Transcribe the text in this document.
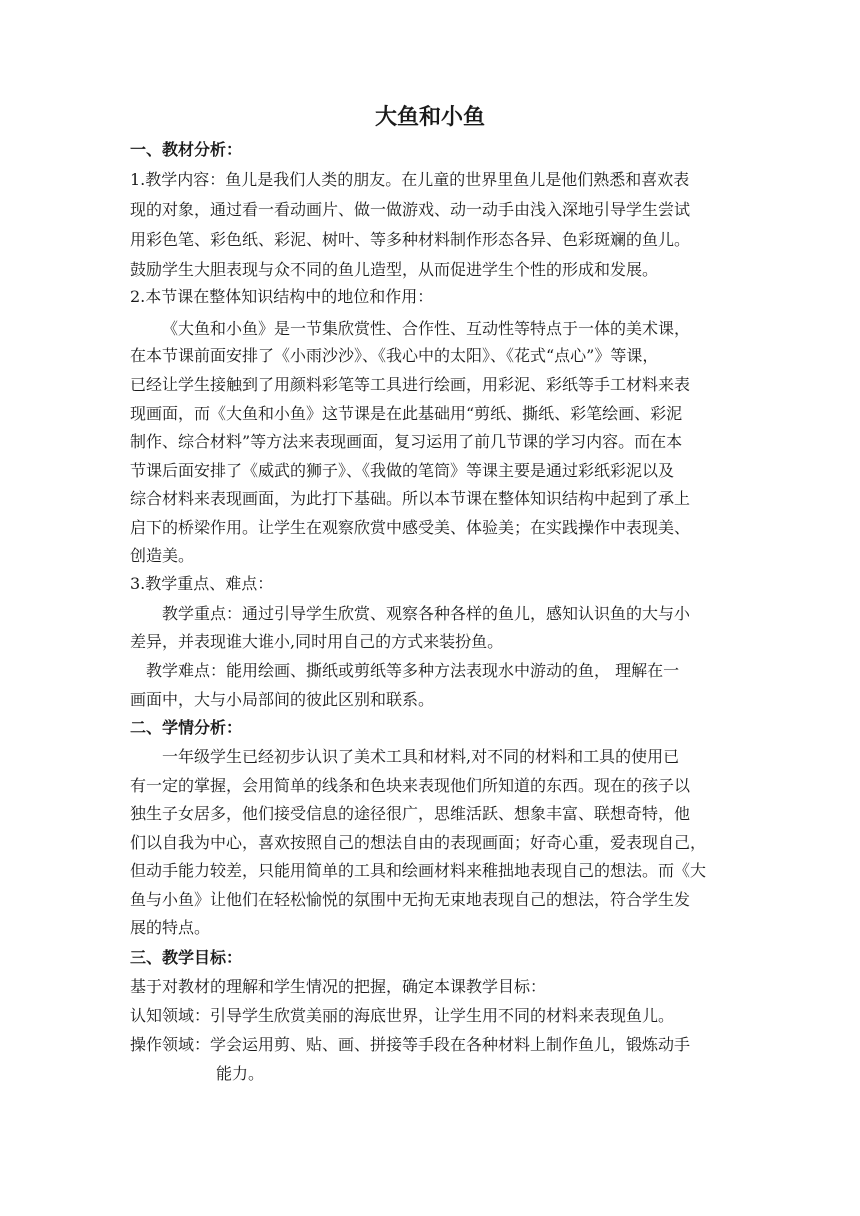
大鱼和小鱼
一、教材分析：
1.教学内容：鱼儿是我们人类的朋友。在儿童的世界里鱼儿是他们熟悉和喜欢表
现的对象，通过看一看动画片、做一做游戏、动一动手由浅入深地引导学生尝试
用彩色笔、彩色纸、彩泥、树叶、等多种材料制作形态各异、色彩斑斓的鱼儿。
鼓励学生大胆表现与众不同的鱼儿造型，从而促进学生个性的形成和发展。
2.本节课在整体知识结构中的地位和作用：
《大鱼和小鱼》是一节集欣赏性、合作性、互动性等特点于一体的美术课，
在本节课前面安排了《小雨沙沙》、《我心中的太阳》、《花式“点心”》等课，
已经让学生接触到了用颜料彩笔等工具进行绘画，用彩泥、彩纸等手工材料来表
现画面，而《大鱼和小鱼》这节课是在此基础用“剪纸、撕纸、彩笔绘画、彩泥
制作、综合材料”等方法来表现画面，复习运用了前几节课的学习内容。而在本
节课后面安排了《威武的狮子》、《我做的笔筒》等课主要是通过彩纸彩泥以及
综合材料来表现画面，为此打下基础。所以本节课在整体知识结构中起到了承上
启下的桥梁作用。让学生在观察欣赏中感受美、体验美；在实践操作中表现美、
创造美。
3.教学重点、难点：
教学重点：通过引导学生欣赏、观察各种各样的鱼儿，感知认识鱼的大与小
差异，并表现谁大谁小,同时用自己的方式来装扮鱼。
教学难点：能用绘画、撕纸或剪纸等多种方法表现水中游动的鱼， 理解在一
画面中，大与小局部间的彼此区别和联系。
二、学情分析：
一年级学生已经初步认识了美术工具和材料,对不同的材料和工具的使用已
有一定的掌握，会用简单的线条和色块来表现他们所知道的东西。现在的孩子以
独生子女居多，他们接受信息的途径很广，思维活跃、想象丰富、联想奇特，他
们以自我为中心，喜欢按照自己的想法自由的表现画面；好奇心重，爱表现自己，
但动手能力较差，只能用简单的工具和绘画材料来稚拙地表现自己的想法。而《大
鱼与小鱼》让他们在轻松愉悦的氛围中无拘无束地表现自己的想法，符合学生发
展的特点。
三、教学目标：
基于对教材的理解和学生情况的把握，确定本课教学目标：
认知领域：引导学生欣赏美丽的海底世界，让学生用不同的材料来表现鱼儿。
操作领域：学会运用剪、贴、画、拼接等手段在各种材料上制作鱼儿，锻炼动手
能力。
